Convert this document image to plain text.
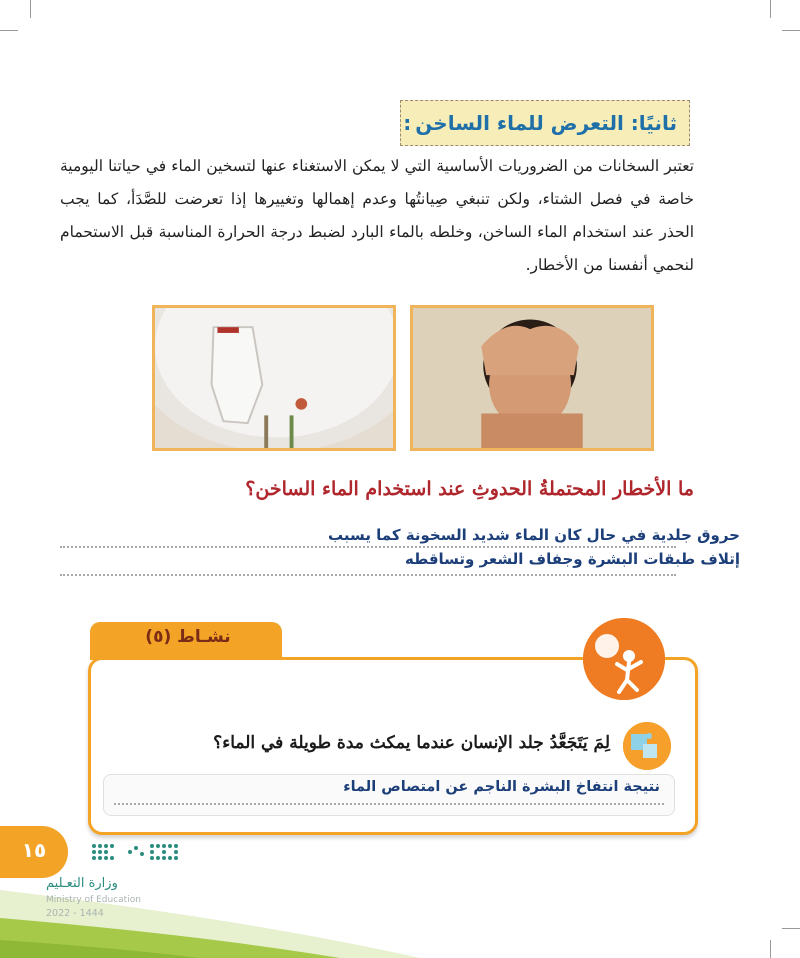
ثانيًا: التعرض للماء الساخن
:
تعتبر السخانات من الضروريات الأساسية التي لا يمكن الاستغناء عنها لتسخين الماء في حياتنا اليومية خاصة في فصل الشتاء، ولكن تنبغي صِيانتُها وعدم إهمالها وتغييرها إذا تعرضت للصَّدَأ، كما يجب الحذر عند استخدام الماء الساخن، وخلطه بالماء البارد لضبط درجة الحرارة المناسبة قبل الاستحمام لنحمي أنفسنا من الأخطار.
ما الأخطار المحتملةُ الحدوثِ عند استخدام الماء الساخن؟
حروق جلدية في حال كان الماء شديد السخونة كما يسبب
إتلاف طبقات البشرة وجفاف الشعر وتساقطه
نشـاط (٥)
لِمَ يَتَجَعَّدُ جلد الإنسان عندما يمكث مدة طويلة في الماء؟
نتيجة انتفاخ البشرة الناجم عن امتصاص الماء
١٥
وزارة التعـليم
Ministry of Education
2022 - 1444
